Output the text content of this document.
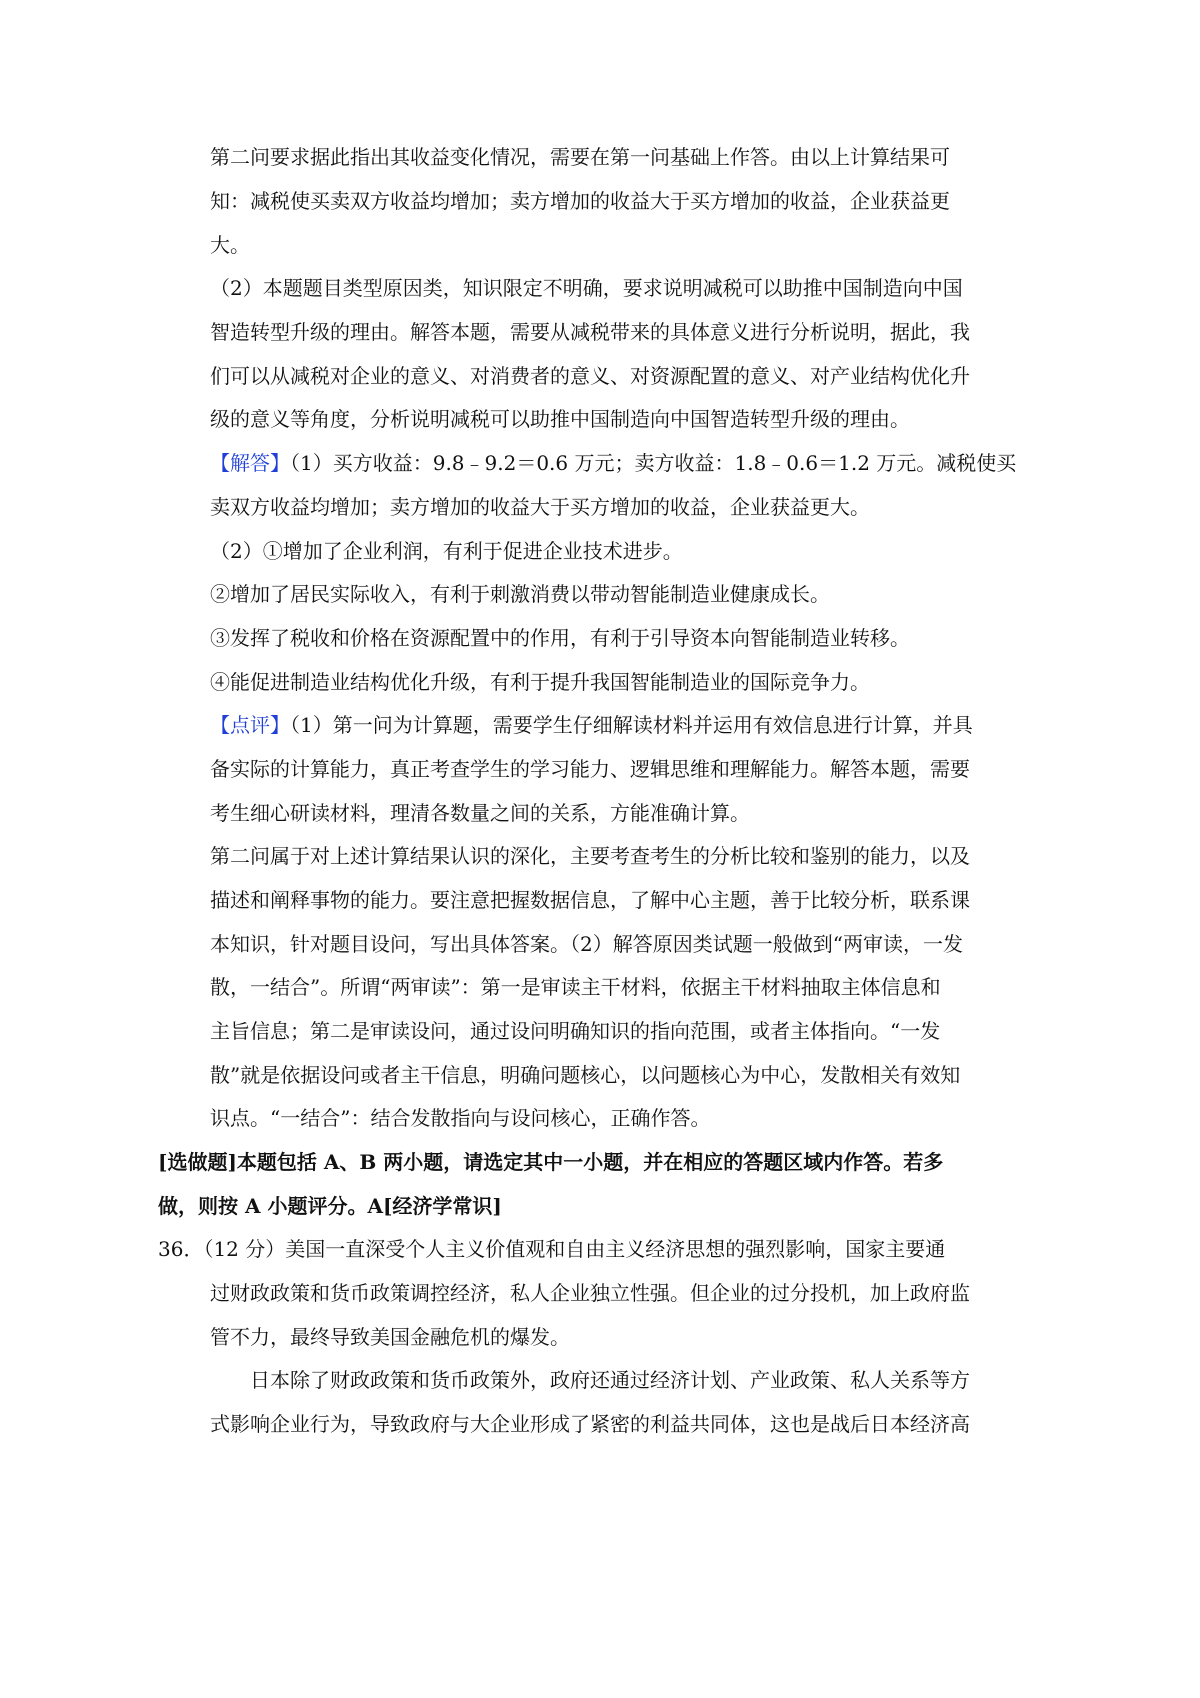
第二问要求据此指出其收益变化情况，需要在第一问基础上作答。由以上计算结果可
知：减税使买卖双方收益均增加；卖方增加的收益大于买方增加的收益，企业获益更
大。
（2）本题题目类型原因类，知识限定不明确，要求说明减税可以助推中国制造向中国
智造转型升级的理由。解答本题，需要从减税带来的具体意义进行分析说明，据此，我
们可以从减税对企业的意义、对消费者的意义、对资源配置的意义、对产业结构优化升
级的意义等角度，分析说明减税可以助推中国制造向中国智造转型升级的理由。
【解答】（1）买方收益：9.8﹣9.2＝0.6 万元；卖方收益：1.8﹣0.6＝1.2 万元。减税使买
卖双方收益均增加；卖方增加的收益大于买方增加的收益，企业获益更大。
（2）①增加了企业利润，有利于促进企业技术进步。
②增加了居民实际收入，有利于刺激消费以带动智能制造业健康成长。
③发挥了税收和价格在资源配置中的作用，有利于引导资本向智能制造业转移。
④能促进制造业结构优化升级，有利于提升我国智能制造业的国际竞争力。
【点评】（1）第一问为计算题，需要学生仔细解读材料并运用有效信息进行计算，并具
备实际的计算能力，真正考查学生的学习能力、逻辑思维和理解能力。解答本题，需要
考生细心研读材料，理清各数量之间的关系，方能准确计算。
第二问属于对上述计算结果认识的深化，主要考查考生的分析比较和鉴别的能力，以及
描述和阐释事物的能力。要注意把握数据信息，了解中心主题，善于比较分析，联系课
本知识，针对题目设问，写出具体答案。（2）解答原因类试题一般做到“两审读，一发
散，一结合”。所谓“两审读”：第一是审读主干材料，依据主干材料抽取主体信息和
主旨信息；第二是审读设问，通过设问明确知识的指向范围，或者主体指向。“一发
散”就是依据设问或者主干信息，明确问题核心，以问题核心为中心，发散相关有效知
识点。“一结合”：结合发散指向与设问核心，正确作答。
[选做题]本题包括 A、B 两小题，请选定其中一小题，并在相应的答题区域内作答。若多
做，则按 A 小题评分。A[经济学常识]
36．（12 分）美国一直深受个人主义价值观和自由主义经济思想的强烈影响，国家主要通
过财政政策和货币政策调控经济，私人企业独立性强。但企业的过分投机，加上政府监
管不力，最终导致美国金融危机的爆发。
日本除了财政政策和货币政策外，政府还通过经济计划、产业政策、私人关系等方
式影响企业行为，导致政府与大企业形成了紧密的利益共同体，这也是战后日本经济高
